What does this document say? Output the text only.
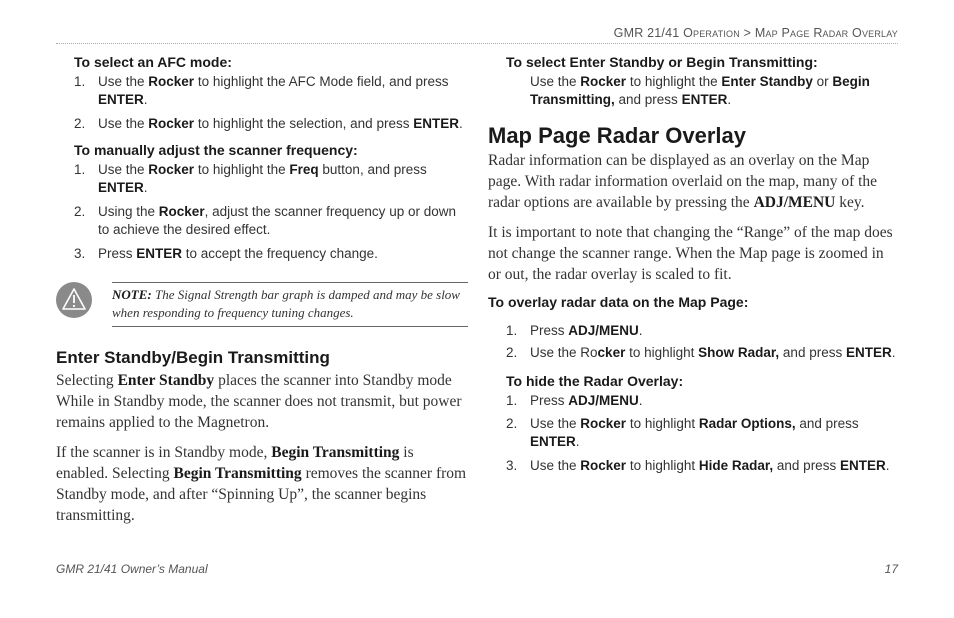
GMR 21/41 Operation > Map Page Radar Overlay
To select an AFC mode:
1. Use the Rocker to highlight the AFC Mode field, and press ENTER.
2. Use the Rocker to highlight the selection, and press ENTER.
To manually adjust the scanner frequency:
1. Use the Rocker to highlight the Freq button, and press ENTER.
2. Using the Rocker, adjust the scanner frequency up or down to achieve the desired effect.
3. Press ENTER to accept the frequency change.
NOTE: The Signal Strength bar graph is damped and may be slow when responding to frequency tuning changes.
Enter Standby/Begin Transmitting
Selecting Enter Standby places the scanner into Standby mode While in Standby mode, the scanner does not transmit, but power remains applied to the Magnetron.
If the scanner is in Standby mode, Begin Transmitting is enabled. Selecting Begin Transmitting removes the scanner from Standby mode, and after “Spinning Up”, the scanner begins transmitting.
To select Enter Standby or Begin Transmitting:
Use the Rocker to highlight the Enter Standby or Begin Transmitting, and press ENTER.
Map Page Radar Overlay
Radar information can be displayed as an overlay on the Map page. With radar information overlaid on the map, many of the radar options are available by pressing the ADJ/MENU key.
It is important to note that changing the “Range” of the map does not change the scanner range. When the Map page is zoomed in or out, the radar overlay is scaled to fit.
To overlay radar data on the Map Page:
1. Press ADJ/MENU.
2. Use the Rocker to highlight Show Radar, and press ENTER.
To hide the Radar Overlay:
1. Press ADJ/MENU.
2. Use the Rocker to highlight Radar Options, and press ENTER.
3. Use the Rocker to highlight Hide Radar, and press ENTER.
GMR 21/41 Owner’s Manual	17
